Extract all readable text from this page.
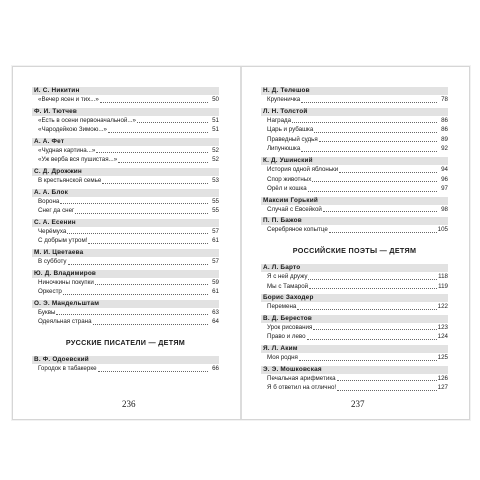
И. С. Никитин
«Вечер ясен и тих...»	50
Ф. И. Тютчев
«Есть в осени первоначальной...»	51
«Чародейкою Зимою...»	51
А. А. Фет
«Чудная картина...»	52
«Уж верба вся пушистая...»	52
С. Д. Дрожжин
В крестьянской семье	53
А. А. Блок
Ворона	55
Снег да снег	55
С. А. Есенин
Черёмуха	57
С добрым утром!	61
М. И. Цветаева
В субботу	57
Ю. Д. Владимиров
Ниночкины покупки	59
Оркестр	61
О. Э. Мандельштам
Буквы	63
Одеяльная страна	64
РУССКИЕ ПИСАТЕЛИ — ДЕТЯМ
В. Ф. Одоевский
Городок в табакерке	66
Н. Д. Телешов
Крупеничка	78
Л. Н. Толстой
Награда	86
Царь и рубашка	86
Праведный судья	89
Липунюшка	92
К. Д. Ушинский
История одной яблоньки	94
Спор животных	96
Орёл и кошка	97
Максим Горький
Случай с Евсейкой	98
П. П. Бажов
Серебряное копытце	105
РОССИЙСКИЕ ПОЭТЫ — ДЕТЯМ
А. Л. Барто
Я с ней дружу	118
Мы с Тамарой	119
Борис Заходер
Перемена	122
В. Д. Берестов
Урок рисования	123
Право и лево	124
Я. Л. Аким
Моя родня	125
Э. Э. Мошковская
Печальная арифметика	126
Я б ответил на отлично!	127
236	237
